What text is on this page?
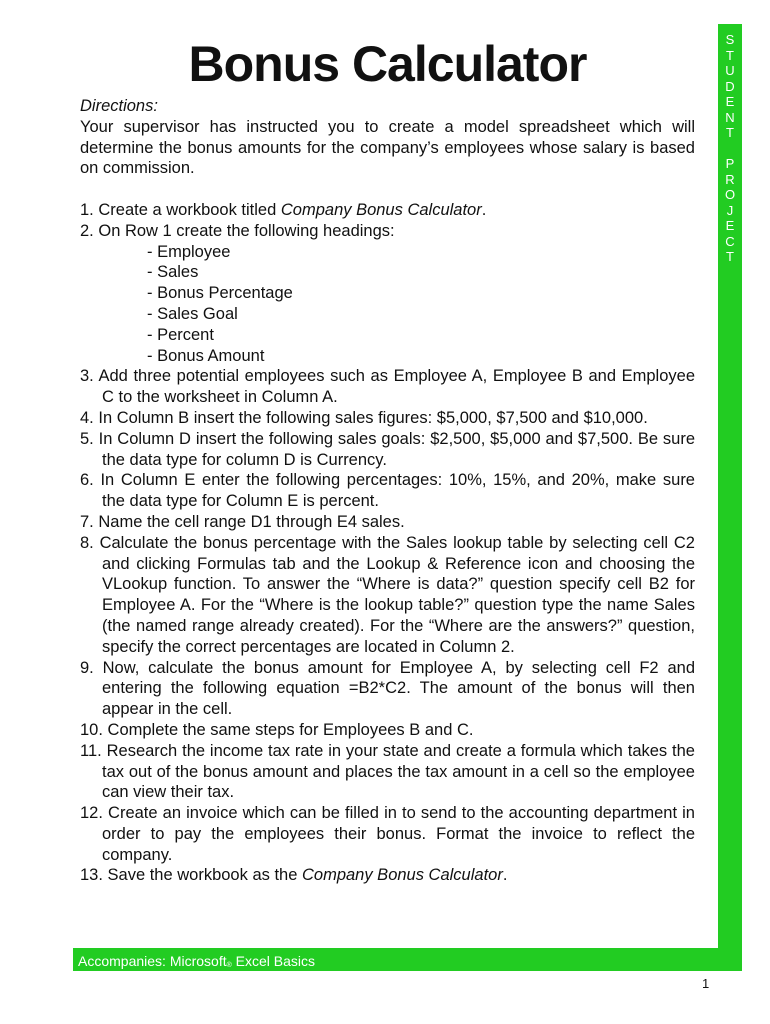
Bonus Calculator
Directions:

Your supervisor has instructed you to create a model spreadsheet which will determine the bonus amounts for the company’s employees whose salary is based on commission.

1. Create a workbook titled Company Bonus Calculator.
2. On Row 1 create the following headings:
- Employee
- Sales
- Bonus Percentage
- Sales Goal
- Percent
- Bonus Amount
3. Add three potential employees such as Employee A, Employee B and Employee C to the worksheet in Column A.
4. In Column B insert the following sales figures: $5,000, $7,500 and $10,000.
5. In Column D insert the following sales goals: $2,500, $5,000 and $7,500. Be sure the data type for column D is Currency.
6. In Column E enter the following percentages: 10%, 15%, and 20%, make sure the data type for Column E is percent.
7. Name the cell range D1 through E4 sales.
8. Calculate the bonus percentage with the Sales lookup table by selecting cell C2 and clicking Formulas tab and the Lookup & Reference icon and choosing the VLookup function. To answer the “Where is data?” question specify cell B2 for Employee A. For the “Where is the lookup table?” question type the name Sales (the named range already created). For the “Where are the answers?” question, specify the correct percentages are located in Column 2.
9. Now, calculate the bonus amount for Employee A, by selecting cell F2 and entering the following equation =B2*C2. The amount of the bonus will then appear in the cell.
10. Complete the same steps for Employees B and C.
11. Research the income tax rate in your state and create a formula which takes the tax out of the bonus amount and places the tax amount in a cell so the employee can view their tax.
12. Create an invoice which can be filled in to send to the accounting department in order to pay the employees their bonus. Format the invoice to reflect the company.
13. Save the workbook as the Company Bonus Calculator.
S
T
U
D
E
N
T
P
R
O
J
E
C
T
Accompanies: Microsoft$_®$ Excel Basics
1
